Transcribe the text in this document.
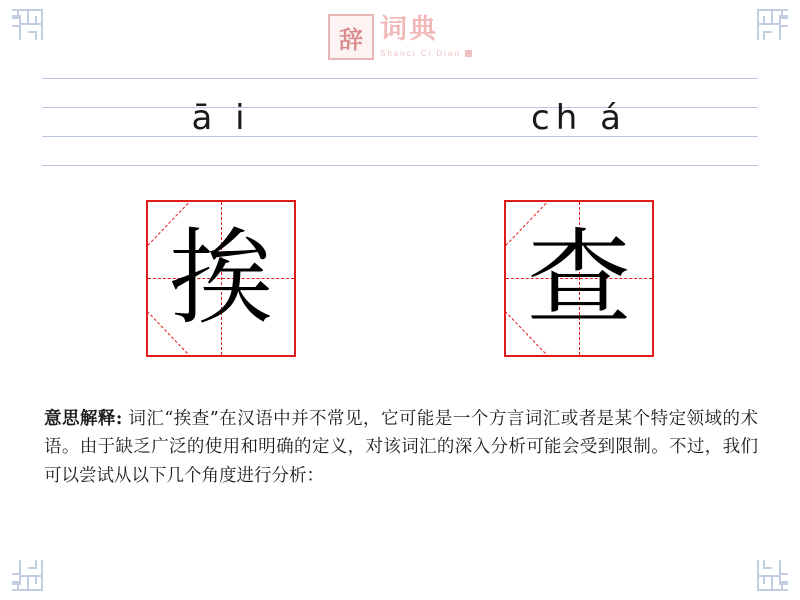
辞 词典
Shanci Ci Dian
ā i	ch á
挨 查
意思解释: 词汇“挨查”在汉语中并不常见，它可能是一个方言词汇或者是某个特定领域的术语。由于缺乏广泛的使用和明确的定义，对该词汇的深入分析可能会受到限制。不过，我们可以尝试从以下几个角度进行分析：
